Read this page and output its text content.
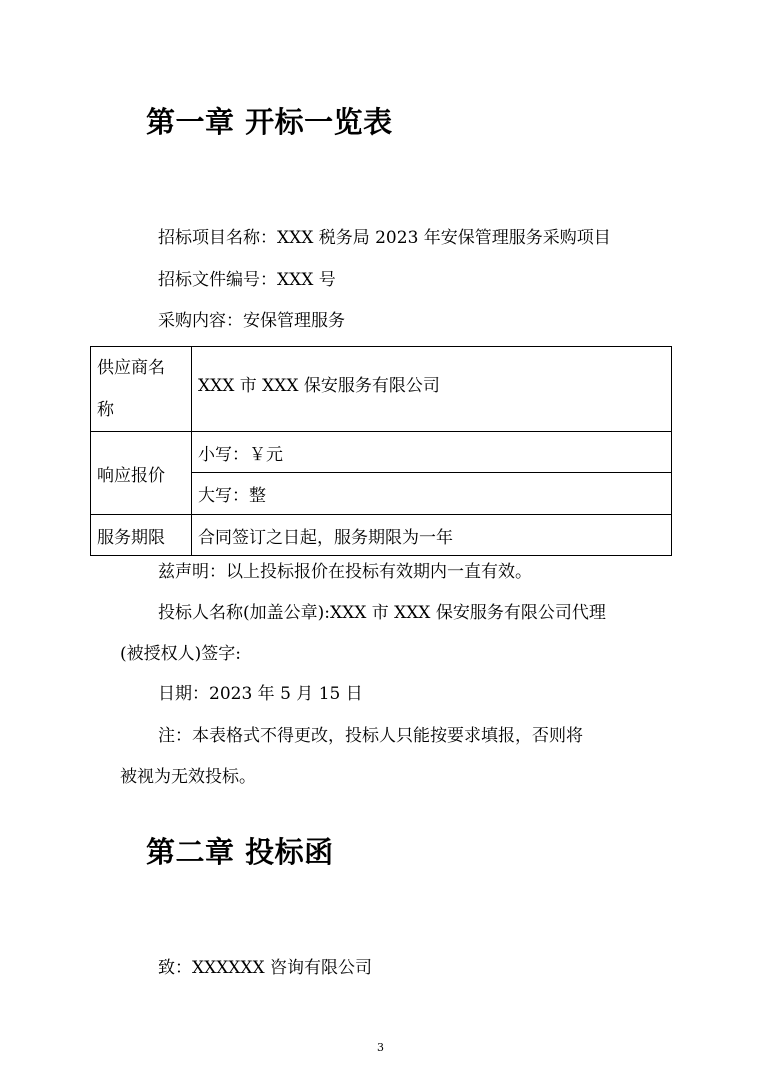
第一章 开标一览表
招标项目名称：XXX 税务局 2023 年安保管理服务采购项目
招标文件编号：XXX 号
采购内容：安保管理服务
供应商名称	XXX 市 XXX 保安服务有限公司
响应报价	小写：￥元
	大写：整
服务期限	合同签订之日起，服务期限为一年
兹声明：以上投标报价在投标有效期内一直有效。
投标人名称(加盖公章):XXX 市 XXX 保安服务有限公司代理
(被授权人)签字:
日期：2023 年 5 月 15 日
注：本表格式不得更改，投标人只能按要求填报，否则将
被视为无效投标。
第二章 投标函
致：XXXXXX 咨询有限公司
3
